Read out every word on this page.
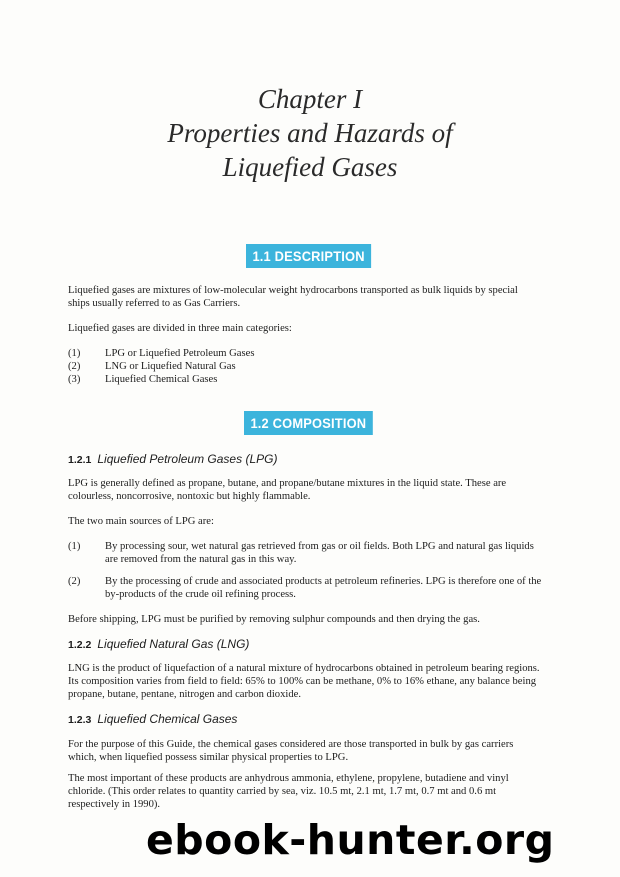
Chapter I
Properties and Hazards of
Liquefied Gases
1.1 DESCRIPTION

Liquefied gases are mixtures of low-molecular weight hydrocarbons transported as bulk liquids by special ships usually referred to as Gas Carriers.

Liquefied gases are divided in three main categories:

(1) LPG or Liquefied Petroleum Gases
(2) LNG or Liquefied Natural Gas
(3) Liquefied Chemical Gases
1.2 COMPOSITION
1.2.1 Liquefied Petroleum Gases (LPG)

LPG is generally defined as propane, butane, and propane/butane mixtures in the liquid state. These are colourless, noncorrosive, nontoxic but highly flammable.

The two main sources of LPG are:

(1) By processing sour, wet natural gas retrieved from gas or oil fields. Both LPG and natural gas liquids are removed from the natural gas in this way.
(2) By the processing of crude and associated products at petroleum refineries. LPG is therefore one of the by-products of the crude oil refining process.

Before shipping, LPG must be purified by removing sulphur compounds and then drying the gas.

1.2.2 Liquefied Natural Gas (LNG)

LNG is the product of liquefaction of a natural mixture of hydrocarbons obtained in petroleum bearing regions. Its composition varies from field to field: 65% to 100% can be methane, 0% to 16% ethane, any balance being propane, butane, pentane, nitrogen and carbon dioxide.

1.2.3 Liquefied Chemical Gases

For the purpose of this Guide, the chemical gases considered are those transported in bulk by gas carriers which, when liquefied possess similar physical properties to LPG.

The most important of these products are anhydrous ammonia, ethylene, propylene, butadiene and vinyl chloride. (This order relates to quantity carried by sea, viz. 10.5 mt, 2.1 mt, 1.7 mt, 0.7 mt and 0.6 mt respectively in 1990).

ebook-hunter.org
